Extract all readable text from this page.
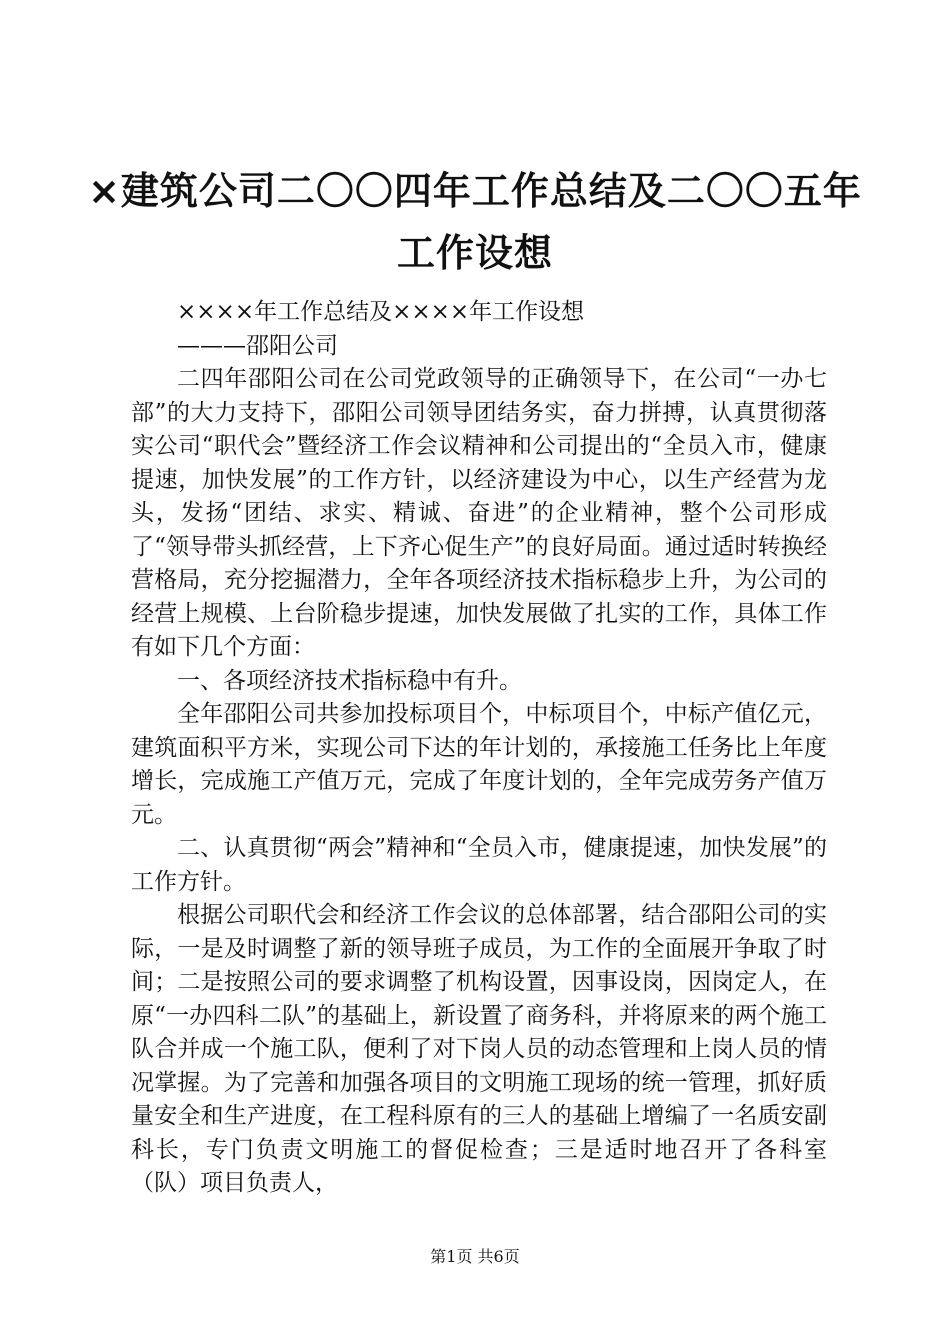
×建筑公司二〇〇四年工作总结及二〇〇五年
工作设想

××××年工作总结及××××年工作设想

———邵阳公司

二四年邵阳公司在公司党政领导的正确领导下，在公司“一办七部”的大力支持下，邵阳公司领导团结务实，奋力拼搏，认真贯彻落实公司“职代会”暨经济工作会议精神和公司提出的“全员入市，健康提速，加快发展”的工作方针，以经济建设为中心，以生产经营为龙头，发扬“团结、求实、精诚、奋进”的企业精神，整个公司形成了“领导带头抓经营，上下齐心促生产”的良好局面。通过适时转换经营格局，充分挖掘潜力，全年各项经济技术指标稳步上升，为公司的经营上规模、上台阶稳步提速，加快发展做了扎实的工作，具体工作有如下几个方面：

一、各项经济技术指标稳中有升。

全年邵阳公司共参加投标项目个，中标项目个，中标产值亿元，建筑面积平方米，实现公司下达的年计划的，承接施工任务比上年度增长，完成施工产值万元，完成了年度计划的，全年完成劳务产值万元。

二、认真贯彻“两会”精神和“全员入市，健康提速，加快发展”的工作方针。

根据公司职代会和经济工作会议的总体部署，结合邵阳公司的实际，一是及时调整了新的领导班子成员，为工作的全面展开争取了时间；二是按照公司的要求调整了机构设置，因事设岗，因岗定人，在原“一办四科二队”的基础上，新设置了商务科，并将原来的两个施工队合并成一个施工队，便利了对下岗人员的动态管理和上岗人员的情况掌握。为了完善和加强各项目的文明施工现场的统一管理，抓好质量安全和生产进度，在工程科原有的三人的基础上增编了一名质安副科长，专门负责文明施工的督促检查；三是适时地召开了各科室（队）项目负责人，

第1页 共6页
